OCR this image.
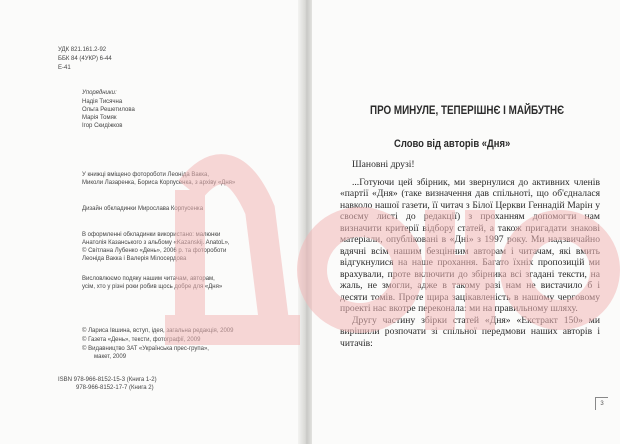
УДК 821.161.2-92
ББК 84 (4УКР) 6-44
Е-41
Упорядники:
Надія Тисячна
Ольга Решетилова
Марія Томяк
Ігор Скидіжков
У книжці вміщено фотороботи Леоніда Вакка,
Миколи Лазаренка, Бориса Корпусенка, з архіву «Дня»
Дизайн обкладинки Мирослава Корпусенка
В оформленні обкладинки використано: малюнки
Анатолія Казанського з альбому «Kazanskij. AnatoL»,
© Світлана Лубенко «День», 2006 р. та фотороботи
Леоніда Вакка і Валерія Мілосердова
Висловлюємо подяку нашим читачам, авторам,
усім, хто у різні роки робив щось добре для «Дня»
© Лариса Івшина, вступ, ідея, загальна редакція, 2009
© Газета «День», тексти, фотографії, 2009
© Видавництво ЗАТ «Українська прес-група»,
макет, 2009
ISBN 978-966-8152-15-3 (Книга 1-2)
978-966-8152-17-7 (Книга 2)
ПРО МИНУЛЕ, ТЕПЕРІШНЄ І МАЙБУТНЄ
Слово від авторів «Дня»

Шановні друзі!

...Готуючи цей збірник, ми звернулися до активних членів «партії «Дня» (таке визначення дав спільноті, що об'єдналася навколо нашої газети, її читач з Білої Церкви Геннадій Марін у своєму листі до редакції) з проханням допомогти нам визначити критерії відбору статей, а також пригадати знакові матеріали, опубліковані в «Дні» з 1997 року. Ми надзвичайно вдячні всім нашим безцінним авторам і читачам, які вмить відгукнулися на наше прохання. Багато їхніх пропозицій ми врахували, проте включити до збірника всі згадані тексти, на жаль, не змогли, адже в такому разі нам не вистачило б і десяти томів. Проте щира зацікавленість в нашому черговому проекті нас вкотре переконала: ми на правильному шляху.

Другу частину збірки статей «Дня» «Екстракт 150» ми вирішили розпочати зі спільної передмови наших авторів і читачів:

3
